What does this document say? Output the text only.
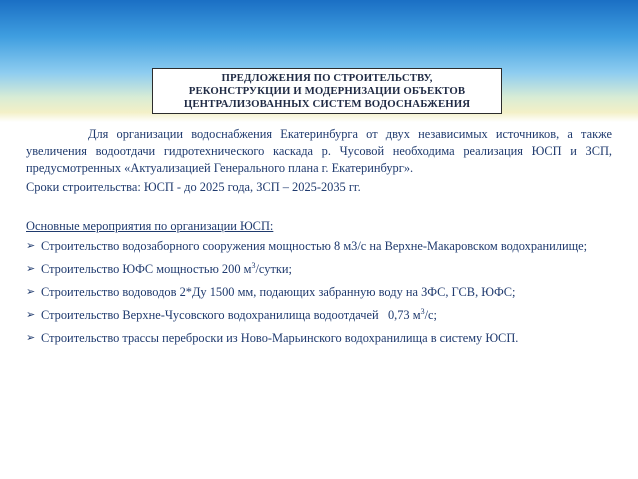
ПРЕДЛОЖЕНИЯ ПО СТРОИТЕЛЬСТВУ,
РЕКОНСТРУКЦИИ И МОДЕРНИЗАЦИИ ОБЪЕКТОВ
ЦЕНТРАЛИЗОВАННЫХ СИСТЕМ ВОДОСНАБЖЕНИЯ

Для организации водоснабжения Екатеринбурга от двух независимых источников, а также увеличения водоотдачи гидротехнического каскада р. Чусовой необходима реализация ЮСП и ЗСП, предусмотренных «Актуализацией Генерального плана г. Екатеринбург».

Сроки строительства: ЮСП - до 2025 года, ЗСП – 2025-2035 гг.

Основные мероприятия по организации ЮСП:
➢ Строительство водозаборного сооружения мощностью 8 м3/с на Верхне-Макаровском водохранилище;
➢ Строительство ЮФС мощностью 200 $м^3$/сутки;
➢ Строительство водоводов 2*Ду 1500 мм, подающих забранную воду на ЗФС, ГСВ, ЮФС;
➢ Строительство Верхне-Чусовского водохранилища водоотдачей   0,73 $м^3/с$;
➢ Строительство трассы переброски из Ново-Марьинского водохранилища в систему ЮСП.
